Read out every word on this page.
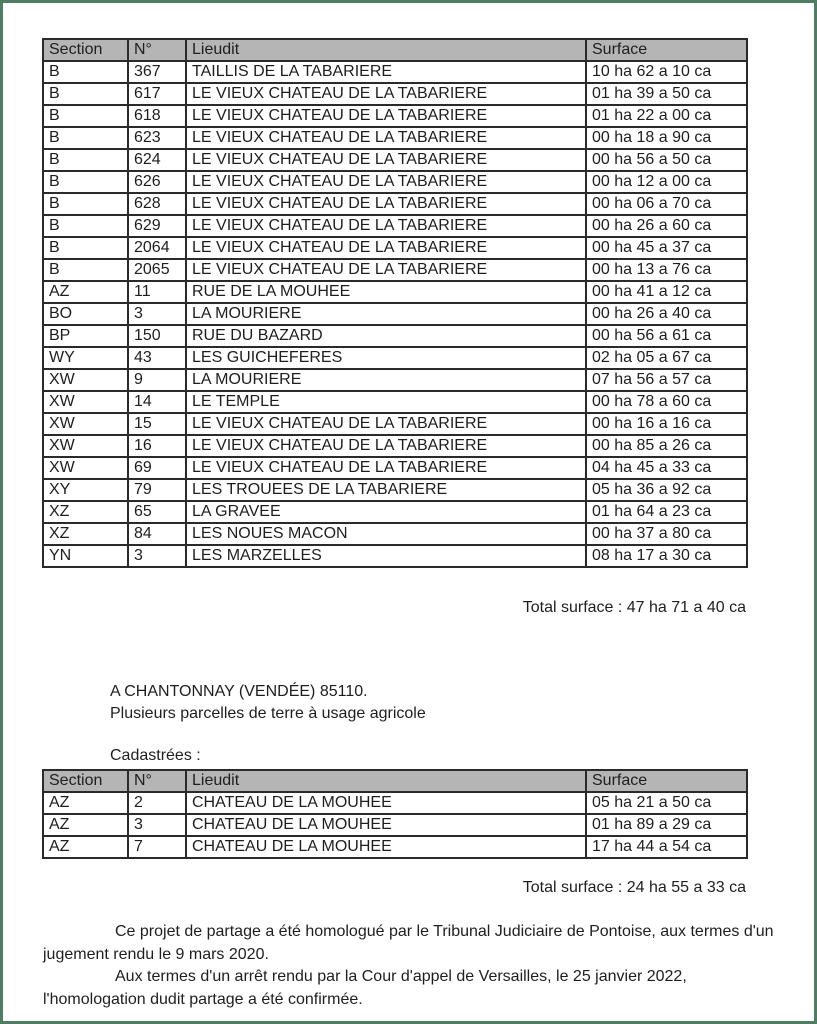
Section	N°	Lieudit	Surface
B	367	TAILLIS DE LA TABARIERE	10 ha 62 a 10 ca
B	617	LE VIEUX CHATEAU DE LA TABARIERE	01 ha 39 a 50 ca
B	618	LE VIEUX CHATEAU DE LA TABARIERE	01 ha 22 a 00 ca
B	623	LE VIEUX CHATEAU DE LA TABARIERE	00 ha 18 a 90 ca
B	624	LE VIEUX CHATEAU DE LA TABARIERE	00 ha 56 a 50 ca
B	626	LE VIEUX CHATEAU DE LA TABARIERE	00 ha 12 a 00 ca
B	628	LE VIEUX CHATEAU DE LA TABARIERE	00 ha 06 a 70 ca
B	629	LE VIEUX CHATEAU DE LA TABARIERE	00 ha 26 a 60 ca
B	2064	LE VIEUX CHATEAU DE LA TABARIERE	00 ha 45 a 37 ca
B	2065	LE VIEUX CHATEAU DE LA TABARIERE	00 ha 13 a 76 ca
AZ	11	RUE DE LA MOUHEE	00 ha 41 a 12 ca
BO	3	LA MOURIERE	00 ha 26 a 40 ca
BP	150	RUE DU BAZARD	00 ha 56 a 61 ca
WY	43	LES GUICHEFERES	02 ha 05 a 67 ca
XW	9	LA MOURIERE	07 ha 56 a 57 ca
XW	14	LE TEMPLE	00 ha 78 a 60 ca
XW	15	LE VIEUX CHATEAU DE LA TABARIERE	00 ha 16 a 16 ca
XW	16	LE VIEUX CHATEAU DE LA TABARIERE	00 ha 85 a 26 ca
XW	69	LE VIEUX CHATEAU DE LA TABARIERE	04 ha 45 a 33 ca
XY	79	LES TROUEES DE LA TABARIERE	05 ha 36 a 92 ca
XZ	65	LA GRAVEE	01 ha 64 a 23 ca
XZ	84	LES NOUES MACON	00 ha 37 a 80 ca
YN	3	LES MARZELLES	08 ha 17 a 30 ca
Total surface : 47 ha 71 a 40 ca
A CHANTONNAY (VENDÉE) 85110.
Plusieurs parcelles de terre à usage agricole
Cadastrées :
Section	N°	Lieudit	Surface
AZ	2	CHATEAU DE LA MOUHEE	05 ha 21 a 50 ca
AZ	3	CHATEAU DE LA MOUHEE	01 ha 89 a 29 ca
AZ	7	CHATEAU DE LA MOUHEE	17 ha 44 a 54 ca
Total surface : 24 ha 55 a 33 ca

Ce projet de partage a été homologué par le Tribunal Judiciaire de Pontoise, aux termes d'un jugement rendu le 9 mars 2020.

Aux termes d'un arrêt rendu par la Cour d'appel de Versailles, le 25 janvier 2022, l'homologation dudit partage a été confirmée.
